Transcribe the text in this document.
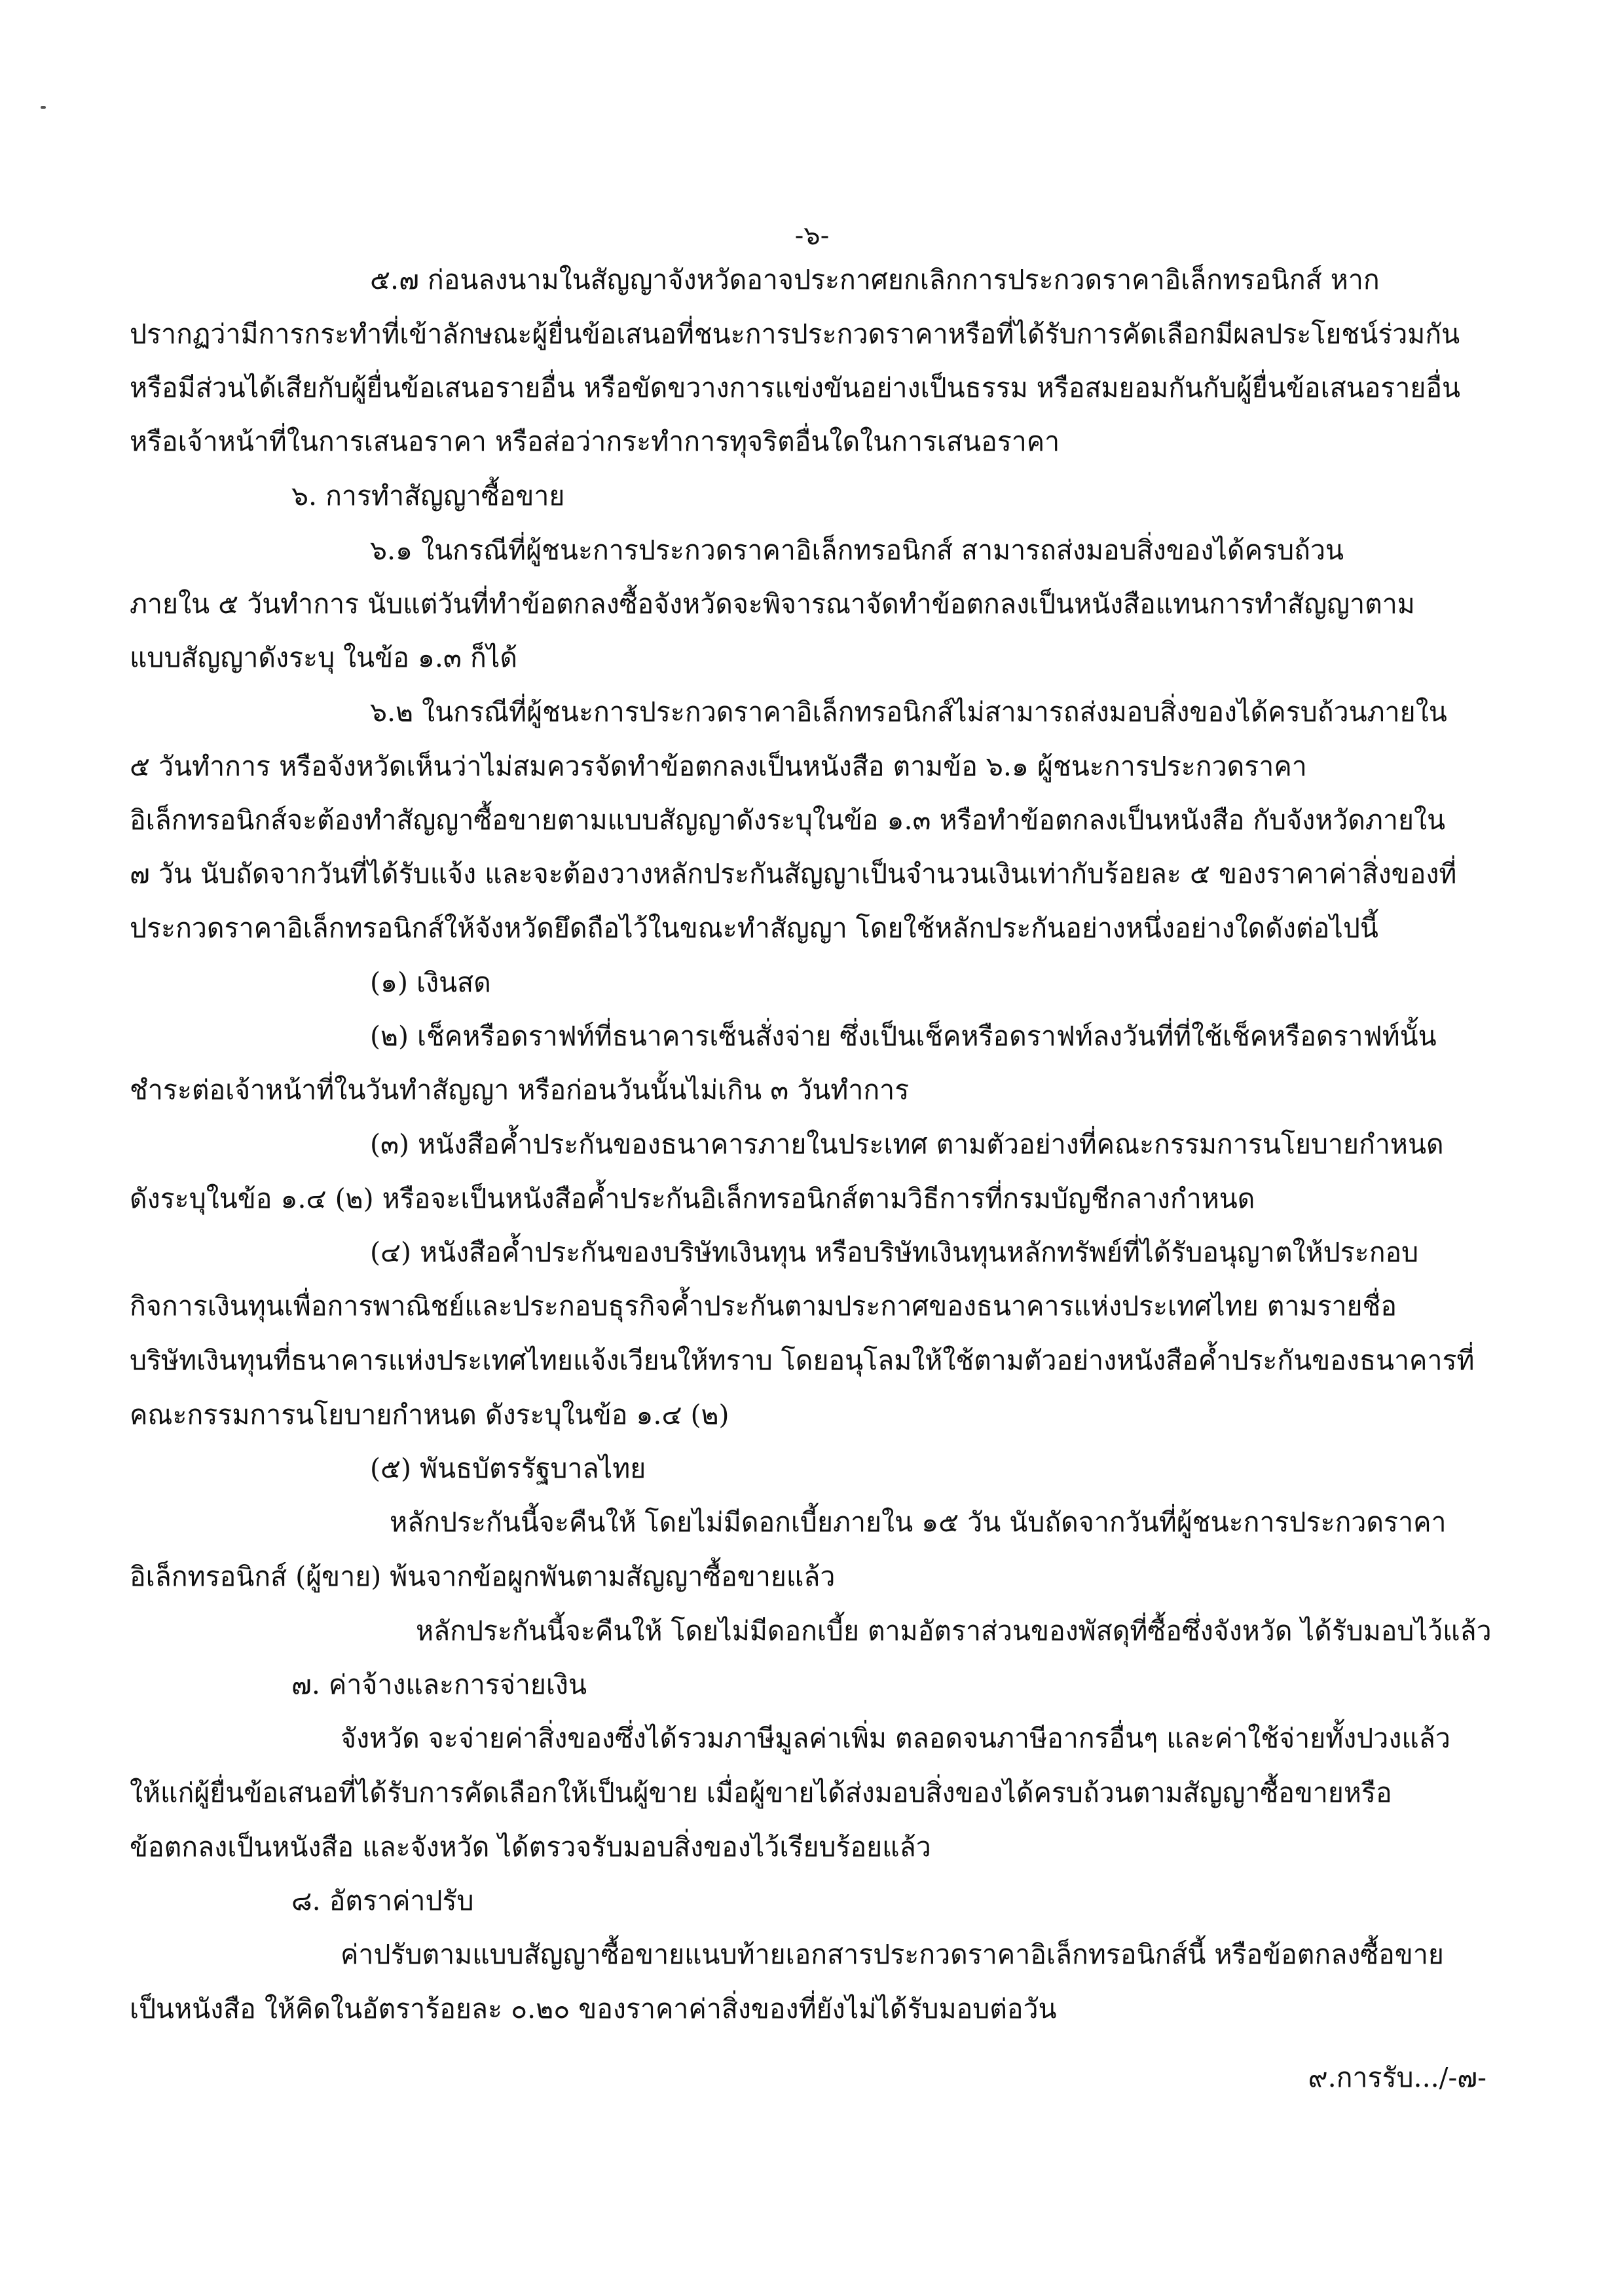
-๖-
๕.๗ ก่อนลงนามในสัญญาจังหวัดอาจประกาศยกเลิกการประกวดราคาอิเล็กทรอนิกส์ หาก
ปรากฏว่ามีการกระทำที่เข้าลักษณะผู้ยื่นข้อเสนอที่ชนะการประกวดราคาหรือที่ได้รับการคัดเลือกมีผลประโยชน์ร่วมกัน
หรือมีส่วนได้เสียกับผู้ยื่นข้อเสนอรายอื่น หรือขัดขวางการแข่งขันอย่างเป็นธรรม หรือสมยอมกันกับผู้ยื่นข้อเสนอรายอื่น
หรือเจ้าหน้าที่ในการเสนอราคา หรือส่อว่ากระทำการทุจริตอื่นใดในการเสนอราคา
๖. การทำสัญญาซื้อขาย
๖.๑ ในกรณีที่ผู้ชนะการประกวดราคาอิเล็กทรอนิกส์ สามารถส่งมอบสิ่งของได้ครบถ้วน
ภายใน ๕ วันทำการ นับแต่วันที่ทำข้อตกลงซื้อจังหวัดจะพิจารณาจัดทำข้อตกลงเป็นหนังสือแทนการทำสัญญาตาม
แบบสัญญาดังระบุ ในข้อ ๑.๓ ก็ได้
๖.๒ ในกรณีที่ผู้ชนะการประกวดราคาอิเล็กทรอนิกส์ไม่สามารถส่งมอบสิ่งของได้ครบถ้วนภายใน
๕ วันทำการ หรือจังหวัดเห็นว่าไม่สมควรจัดทำข้อตกลงเป็นหนังสือ ตามข้อ ๖.๑ ผู้ชนะการประกวดราคา
อิเล็กทรอนิกส์จะต้องทำสัญญาซื้อขายตามแบบสัญญาดังระบุในข้อ ๑.๓ หรือทำข้อตกลงเป็นหนังสือ กับจังหวัดภายใน
๗ วัน นับถัดจากวันที่ได้รับแจ้ง และจะต้องวางหลักประกันสัญญาเป็นจำนวนเงินเท่ากับร้อยละ ๕ ของราคาค่าสิ่งของที่
ประกวดราคาอิเล็กทรอนิกส์ให้จังหวัดยึดถือไว้ในขณะทำสัญญา โดยใช้หลักประกันอย่างหนึ่งอย่างใดดังต่อไปนี้
(๑) เงินสด
(๒) เช็คหรือดราฟท์ที่ธนาคารเซ็นสั่งจ่าย ซึ่งเป็นเช็คหรือดราฟท์ลงวันที่ที่ใช้เช็คหรือดราฟท์นั้น
ชำระต่อเจ้าหน้าที่ในวันทำสัญญา หรือก่อนวันนั้นไม่เกิน ๓ วันทำการ
(๓) หนังสือค้ำประกันของธนาคารภายในประเทศ ตามตัวอย่างที่คณะกรรมการนโยบายกำหนด
ดังระบุในข้อ ๑.๔ (๒) หรือจะเป็นหนังสือค้ำประกันอิเล็กทรอนิกส์ตามวิธีการที่กรมบัญชีกลางกำหนด
(๔) หนังสือค้ำประกันของบริษัทเงินทุน หรือบริษัทเงินทุนหลักทรัพย์ที่ได้รับอนุญาตให้ประกอบ
กิจการเงินทุนเพื่อการพาณิชย์และประกอบธุรกิจค้ำประกันตามประกาศของธนาคารแห่งประเทศไทย ตามรายชื่อ
บริษัทเงินทุนที่ธนาคารแห่งประเทศไทยแจ้งเวียนให้ทราบ โดยอนุโลมให้ใช้ตามตัวอย่างหนังสือค้ำประกันของธนาคารที่
คณะกรรมการนโยบายกำหนด ดังระบุในข้อ ๑.๔ (๒)
(๕) พันธบัตรรัฐบาลไทย
หลักประกันนี้จะคืนให้ โดยไม่มีดอกเบี้ยภายใน ๑๕ วัน นับถัดจากวันที่ผู้ชนะการประกวดราคา
อิเล็กทรอนิกส์ (ผู้ขาย) พ้นจากข้อผูกพันตามสัญญาซื้อขายแล้ว
หลักประกันนี้จะคืนให้ โดยไม่มีดอกเบี้ย ตามอัตราส่วนของพัสดุที่ซื้อซึ่งจังหวัด ได้รับมอบไว้แล้ว
๗. ค่าจ้างและการจ่ายเงิน
จังหวัด จะจ่ายค่าสิ่งของซึ่งได้รวมภาษีมูลค่าเพิ่ม ตลอดจนภาษีอากรอื่นๆ และค่าใช้จ่ายทั้งปวงแล้ว
ให้แก่ผู้ยื่นข้อเสนอที่ได้รับการคัดเลือกให้เป็นผู้ขาย เมื่อผู้ขายได้ส่งมอบสิ่งของได้ครบถ้วนตามสัญญาซื้อขายหรือ
ข้อตกลงเป็นหนังสือ และจังหวัด ได้ตรวจรับมอบสิ่งของไว้เรียบร้อยแล้ว
๘. อัตราค่าปรับ
ค่าปรับตามแบบสัญญาซื้อขายแนบท้ายเอกสารประกวดราคาอิเล็กทรอนิกส์นี้ หรือข้อตกลงซื้อขาย
เป็นหนังสือ ให้คิดในอัตราร้อยละ ๐.๒๐ ของราคาค่าสิ่งของที่ยังไม่ได้รับมอบต่อวัน
๙.การรับ.../-๗-
